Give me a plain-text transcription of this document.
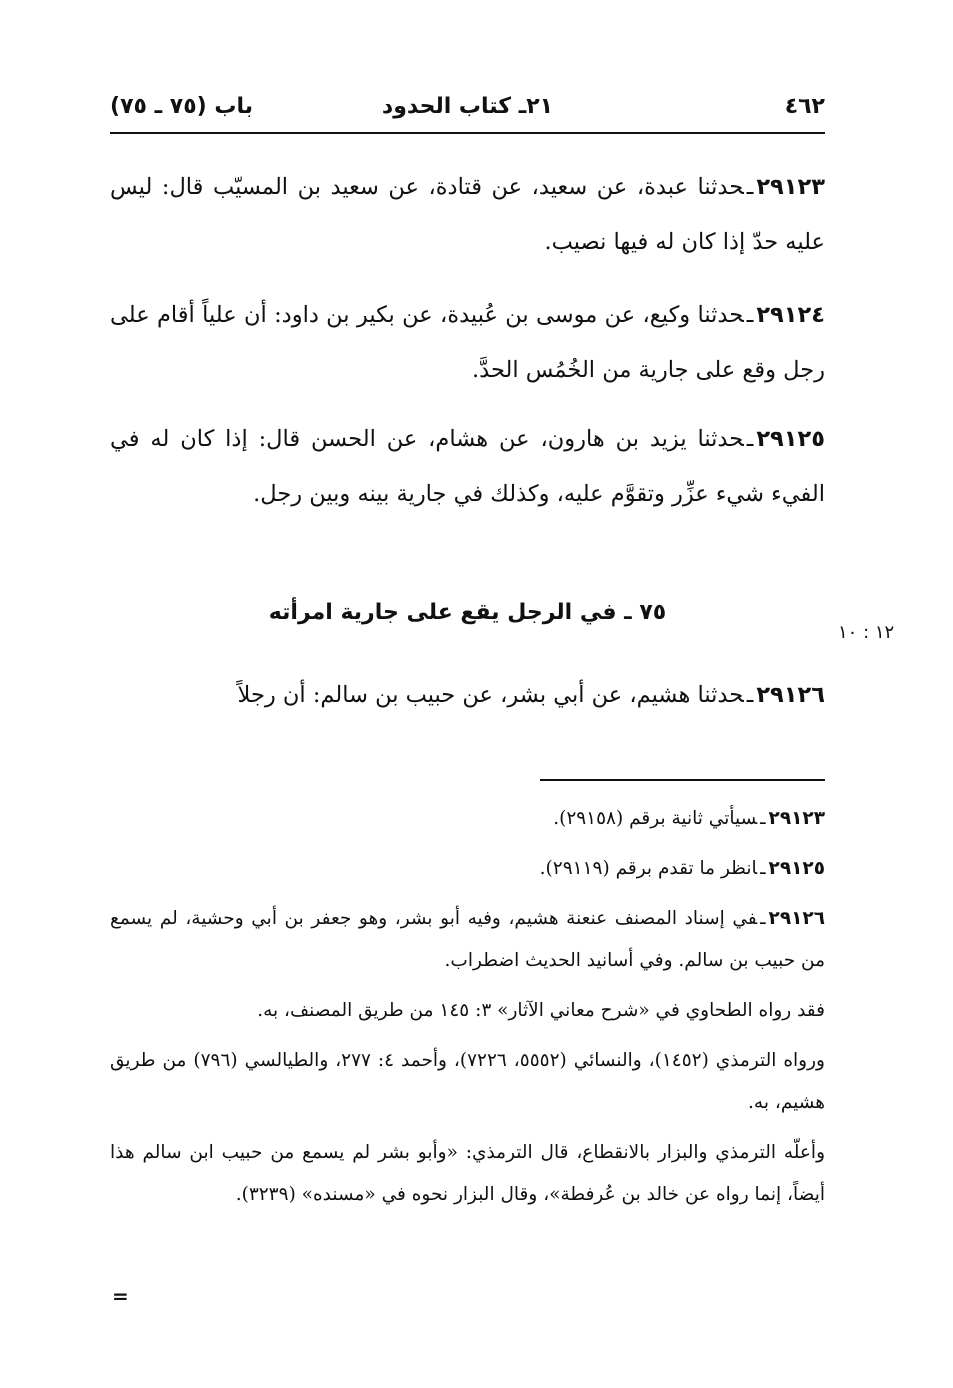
٤٦٢
٢١ـ كتاب الحدود
باب (٧٥ ـ ٧٥)
٢٩١٢٣ـحدثنا عبدة، عن سعيد، عن قتادة، عن سعيد بن المسيّب قال: ليس عليه حدّ إذا كان له فيها نصيب.
٢٩١٢٤ـحدثنا وكيع، عن موسى بن عُبيدة، عن بكير بن داود: أن علياً أقام على رجل وقع على جارية من الخُمُس الحدَّ.
٢٩١٢٥ـحدثنا يزيد بن هارون، عن هشام، عن الحسن قال: إذا كان له في الفيء شيء عزِّر وتقوَّم عليه، وكذلك في جارية بينه وبين رجل.
٧٥ ـ في الرجل يقع على جارية امرأته
١٢ : ١٠
٢٩١٢٦ـحدثنا هشيم، عن أبي بشر، عن حبيب بن سالم: أن رجلاً

٢٩١٢٣ـسيأتي ثانية برقم (٢٩١٥٨).

٢٩١٢٥ـانظر ما تقدم برقم (٢٩١١٩).

٢٩١٢٦ـفي إسناد المصنف عنعنة هشيم، وفيه أبو بشر، وهو جعفر بن أبي وحشية، لم يسمع من حبيب بن سالم. وفي أسانيد الحديث اضطراب.

فقد رواه الطحاوي في «شرح معاني الآثار» ٣: ١٤٥ من طريق المصنف، به.

ورواه الترمذي (١٤٥٢)، والنسائي (٥٥٥٢، ٧٢٢٦)، وأحمد ٤: ٢٧٧، والطيالسي (٧٩٦) من طريق هشيم، به.

وأعلّه الترمذي والبزار بالانقطاع، قال الترمذي: «وأبو بشر لم يسمع من حبيب ابن سالم هذا أيضاً، إنما رواه عن خالد بن عُرفطة»، وقال البزار نحوه في «مسنده» (٣٢٣٩).

=
